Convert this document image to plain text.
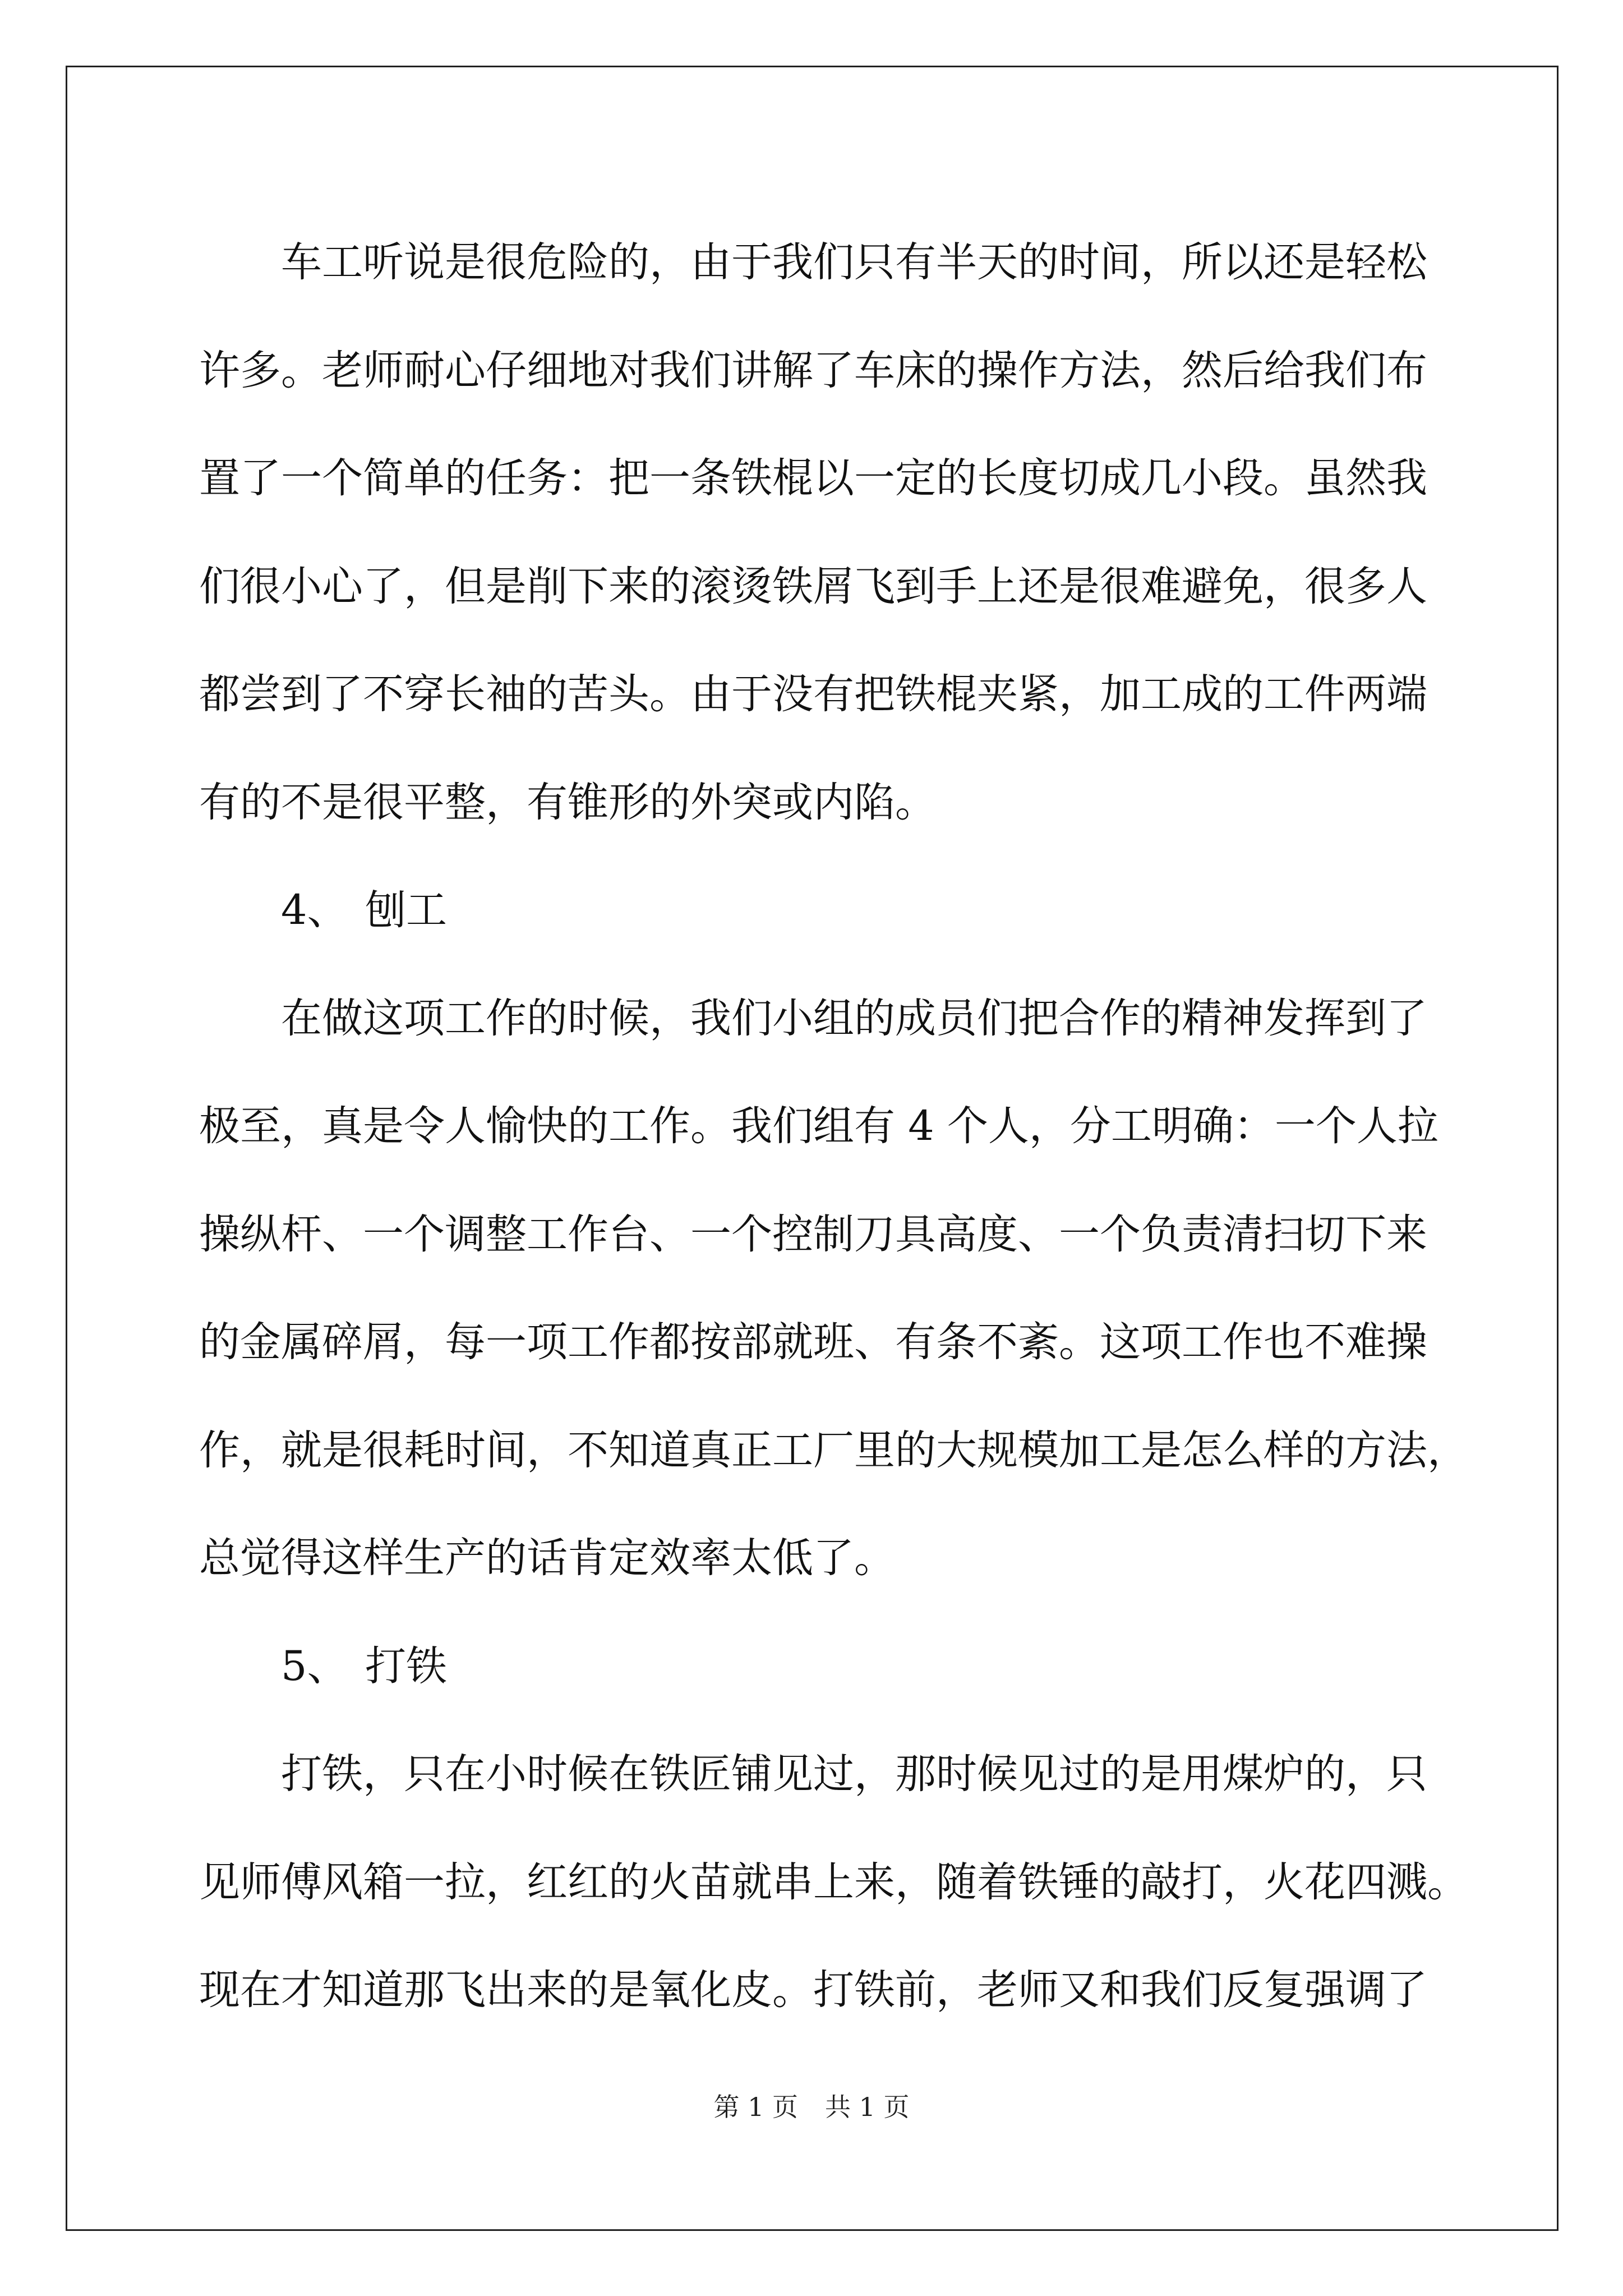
车工听说是很危险的，由于我们只有半天的时间，所以还是轻松
许多。老师耐心仔细地对我们讲解了车床的操作方法，然后给我们布
置了一个简单的任务：把一条铁棍以一定的长度切成几小段。虽然我
们很小心了，但是削下来的滚烫铁屑飞到手上还是很难避免，很多人
都尝到了不穿长袖的苦头。由于没有把铁棍夹紧，加工成的工件两端
有的不是很平整，有锥形的外突或内陷。
4、 刨工
在做这项工作的时候，我们小组的成员们把合作的精神发挥到了
极至，真是令人愉快的工作。我们组有 4 个人，分工明确：一个人拉
操纵杆、一个调整工作台、一个控制刀具高度、一个负责清扫切下来
的金属碎屑，每一项工作都按部就班、有条不紊。这项工作也不难操
作，就是很耗时间，不知道真正工厂里的大规模加工是怎么样的方法，
总觉得这样生产的话肯定效率太低了。
5、 打铁
打铁，只在小时候在铁匠铺见过，那时候见过的是用煤炉的，只
见师傅风箱一拉，红红的火苗就串上来，随着铁锤的敲打，火花四溅。
现在才知道那飞出来的是氧化皮。打铁前，老师又和我们反复强调了
第 1 页 共 1 页
